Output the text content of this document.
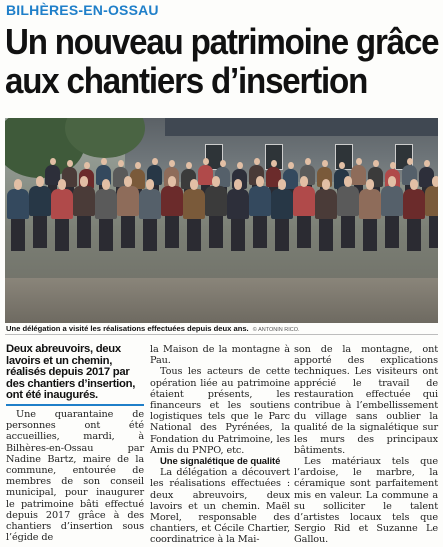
BILHÈRES-EN-OSSAU
Un nouveau patrimoine grâce
aux chantiers d’insertion
Une délégation a visité les réalisations effectuées depuis deux ans. © ANTONIN RICO.
Deux abreuvoirs, deux lavoirs et un chemin, réalisés depuis 2017 par des chantiers d’insertion, ont été inaugurés.

Une quarantaine de personnes ont été accueillies, mardi, à Bilhères-en-Ossau par Nadine Bartz, maire de la commune, entourée de membres de son conseil municipal, pour inaugurer le patrimoine bâti effectué depuis 2017 grâce à des chantiers d’insertion sous l’égide de

la Maison de la montagne à Pau.

Tous les acteurs de cette opération liée au patrimoine étaient présents, les financeurs et les soutiens logistiques tels que le Parc National des Pyrénées, la Fondation du Patrimoine, les Amis du PNPO, etc.

Une signalétique de qualité

La délégation a découvert les réalisations effectuées : deux abreuvoirs, deux lavoirs et un chemin. Maël Morel, responsable des chantiers, et Cécile Chartier, coordinatrice à la Mai-

son de la montagne, ont apporté des explications techniques. Les visiteurs ont apprécié le travail de restauration effectuée qui contribue à l’embellissement du village sans oublier la qualité de la signalétique sur les murs des principaux bâtiments.

Les matériaux tels que l’ardoise, le marbre, la céramique sont parfaitement mis en valeur. La commune a su solliciter le talent d’artistes locaux tels que Sergio Rid et Suzanne Le Gallou.
